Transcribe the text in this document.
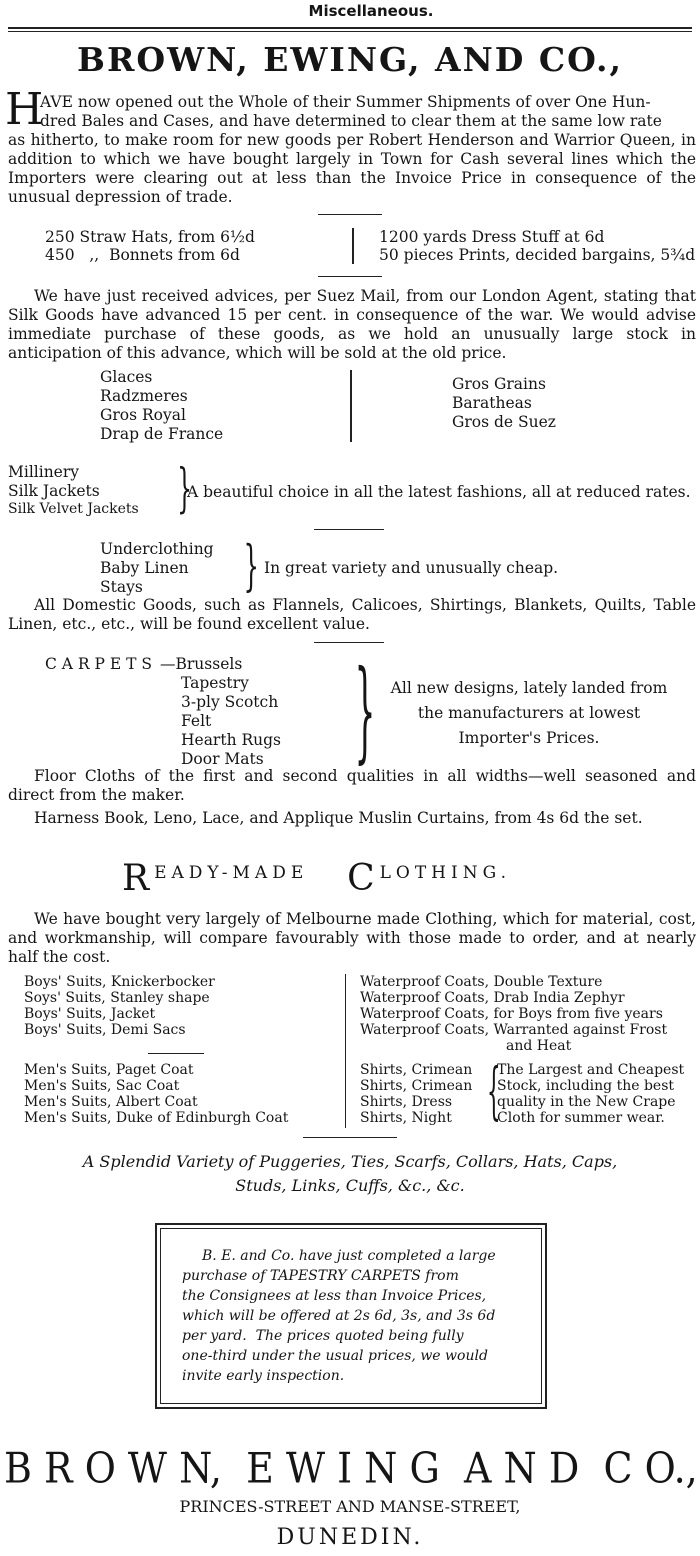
Miscellaneous.
BROWN, EWING, AND CO.,
H

AVE now opened out the Whole of their Summer Shipments of over One Hun-

dred Bales and Cases, and have determined to clear them at the same low rate

as hitherto, to make room for new goods per Robert Henderson and Warrior Queen, in addition to which we have bought largely in Town for Cash several lines which the Importers were clearing out at less than the Invoice Price in consequence of the unusual depression of trade.

250 Straw Hats, from 6½d
450   ,,  Bonnets from 6d
1200 yards Dress Stuff at 6d
50 pieces Prints, decided bargains, 5¾d

We have just received advices, per Suez Mail, from our London Agent, stating that Silk Goods have advanced 15 per cent. in consequence of the war. We would advise immediate purchase of these goods, as we hold an unusually large stock in anticipation of this advance, which will be sold at the old price.

Glaces
Radzmeres
Gros Royal
Drap de France
Gros Grains
Baratheas
Gros de Suez
Millinery
Silk Jackets
Silk Velvet Jackets }
A beautiful choice in all the latest fashions, all at reduced rates.
Underclothing
Baby Linen
Stays	} In great variety and unusually cheap.

All Domestic Goods, such as Flannels, Calicoes, Shirtings, Blankets, Quilts, Table Linen, etc., etc., will be found excellent value.

C A R P E T S —Brussels
Tapestry
3-ply Scotch
Felt
Hearth Rugs
Door Mats } All new designs, lately landed from
the manufacturers at lowest
Importer's Prices.

Floor Cloths of the first and second qualities in all widths—well seasoned and direct from the maker.

Harness Book, Leno, Lace, and Applique Muslin Curtains, from 4s 6d the set.

READY-MADE CLOTHING.

We have bought very largely of Melbourne made Clothing, which for material, cost, and workmanship, will compare favourably with those made to order, and at nearly half the cost.

Boys' Suits, Knickerbocker
Soys' Suits, Stanley shape
Boys' Suits, Jacket
Boys' Suits, Demi Sacs
Men's Suits, Paget Coat
Men's Suits, Sac Coat
Men's Suits, Albert Coat
Men's Suits, Duke of Edinburgh Coat
Waterproof Coats, Double Texture
Waterproof Coats, Drab India Zephyr
Waterproof Coats, for Boys from five years
Waterproof Coats, Warranted against Frost
and Heat
Shirts, Crimean
Shirts, Crimean
Shirts, Dress
Shirts, Night {
The Largest and Cheapest
Stock, including the best
quality in the New Crape
Cloth for summer wear.
A Splendid Variety of Puggeries, Ties, Scarfs, Collars, Hats, Caps,
Studs, Links, Cuffs, &c., &c.
B. E. and Co. have just completed a large
purchase of TAPESTRY CARPETS from
the Consignees at less than Invoice Prices,
which will be offered at 2s 6d, 3s, and 3s 6d
per yard.  The prices quoted being fully
one-third under the usual prices, we would
invite early inspection.
B R O W N,  E W I N G  A N D  C O.,
PRINCES-STREET AND MANSE-STREET,
DUNEDIN.
